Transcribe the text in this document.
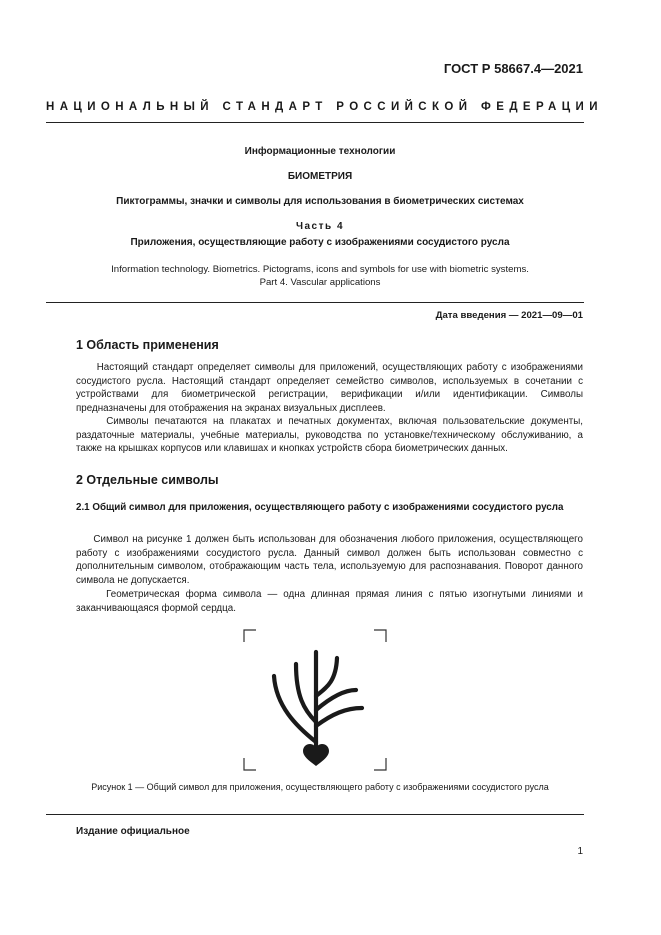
ГОСТ Р 58667.4—2021
НАЦИОНАЛЬНЫЙ СТАНДАРТ РОССИЙСКОЙ ФЕДЕРАЦИИ
Информационные технологии
БИОМЕТРИЯ
Пиктограммы, значки и символы для использования в биометрических системах
Часть 4
Приложения, осуществляющие работу с изображениями сосудистого русла
Information technology. Biometrics. Pictograms, icons and symbols for use with biometric systems.
Part 4. Vascular applications
Дата введения — 2021—09—01
1 Область применения
Настоящий стандарт определяет символы для приложений, осуществляющих работу с изображениями сосудистого русла. Настоящий стандарт определяет семейство символов, используемых в сочетании с устройствами для биометрической регистрации, верификации и/или идентификации. Символы предназначены для отображения на экранах визуальных дисплеев.
Символы печатаются на плакатах и печатных документах, включая пользовательские документы, раздаточные материалы, учебные материалы, руководства по установке/техническому обслуживанию, а также на крышках корпусов или клавишах и кнопках устройств сбора биометрических данных.
2 Отдельные символы
2.1 Общий символ для приложения, осуществляющего работу с изображениями сосудистого русла
Символ на рисунке 1 должен быть использован для обозначения любого приложения, осуществляющего работу с изображениями сосудистого русла. Данный символ должен быть использован совместно с дополнительным символом, отображающим часть тела, используемую для распознавания. Поворот данного символа не допускается.
Геометрическая форма символа — одна длинная прямая линия с пятью изогнутыми линиями и заканчивающаяся формой сердца.
Рисунок 1 — Общий символ для приложения, осуществляющего работу с изображениями сосудистого русла
Издание официальное
1
